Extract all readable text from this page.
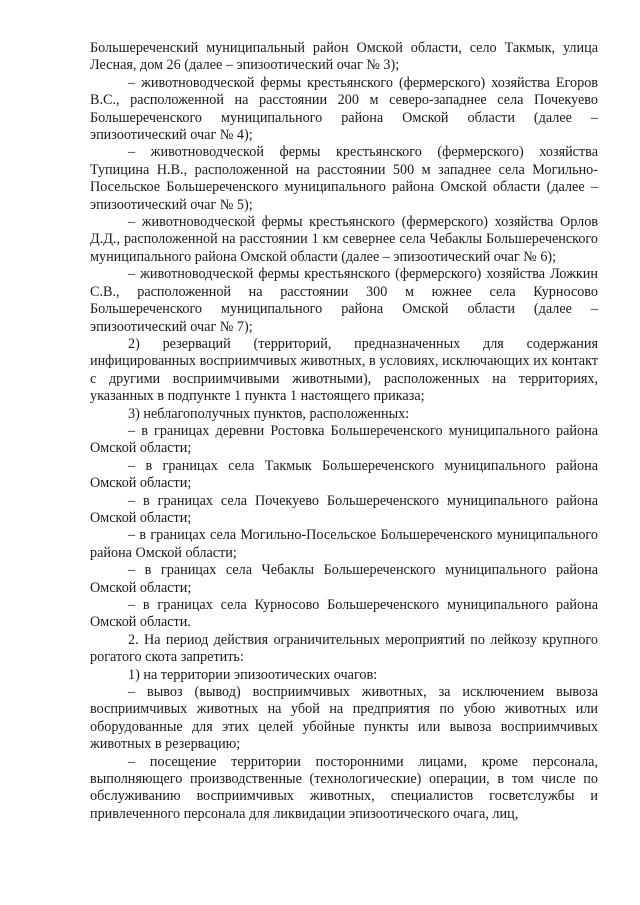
Большереченский муниципальный район Омской области, село Такмык, улица Лесная, дом 26 (далее – эпизоотический очаг № 3);

– животноводческой фермы крестьянского (фермерского) хозяйства Егоров В.С., расположенной на расстоянии 200 м северо-западнее села Почекуево Большереченского муниципального района Омской области (далее – эпизоотический очаг № 4);

– животноводческой фермы крестьянского (фермерского) хозяйства Тупицина Н.В., расположенной на расстоянии 500 м западнее села Могильно-Посельское Большереченского муниципального района Омской области (далее – эпизоотический очаг № 5);

– животноводческой фермы крестьянского (фермерского) хозяйства Орлов Д.Д., расположенной на расстоянии 1 км севернее села Чебаклы Большереченского муниципального района Омской области (далее – эпизоотический очаг № 6);

– животноводческой фермы крестьянского (фермерского) хозяйства Ложкин С.В., расположенной на расстоянии 300 м южнее села Курносово Большереченского муниципального района Омской области (далее – эпизоотический очаг № 7);

2) резерваций (территорий, предназначенных для содержания инфицированных восприимчивых животных, в условиях, исключающих их контакт с другими восприимчивыми животными), расположенных на территориях, указанных в подпункте 1 пункта 1 настоящего приказа;

3) неблагополучных пунктов, расположенных:

– в границах деревни Ростовка Большереченского муниципального района Омской области;

– в границах села Такмык Большереченского муниципального района Омской области;

– в границах села Почекуево Большереченского муниципального района Омской области;

– в границах села Могильно-Посельское Большереченского муниципального района Омской области;

– в границах села Чебаклы Большереченского муниципального района Омской области;

– в границах села Курносово Большереченского муниципального района Омской области.

2. На период действия ограничительных мероприятий по лейкозу крупного рогатого скота запретить:

1) на территории эпизоотических очагов:

– вывоз (вывод) восприимчивых животных, за исключением вывоза восприимчивых животных на убой на предприятия по убою животных или оборудованные для этих целей убойные пункты или вывоза восприимчивых животных в резервацию;

– посещение территории посторонними лицами, кроме персонала, выполняющего производственные (технологические) операции, в том числе по обслуживанию восприимчивых животных, специалистов госветслужбы и привлеченного персонала для ликвидации эпизоотического очага, лиц,
